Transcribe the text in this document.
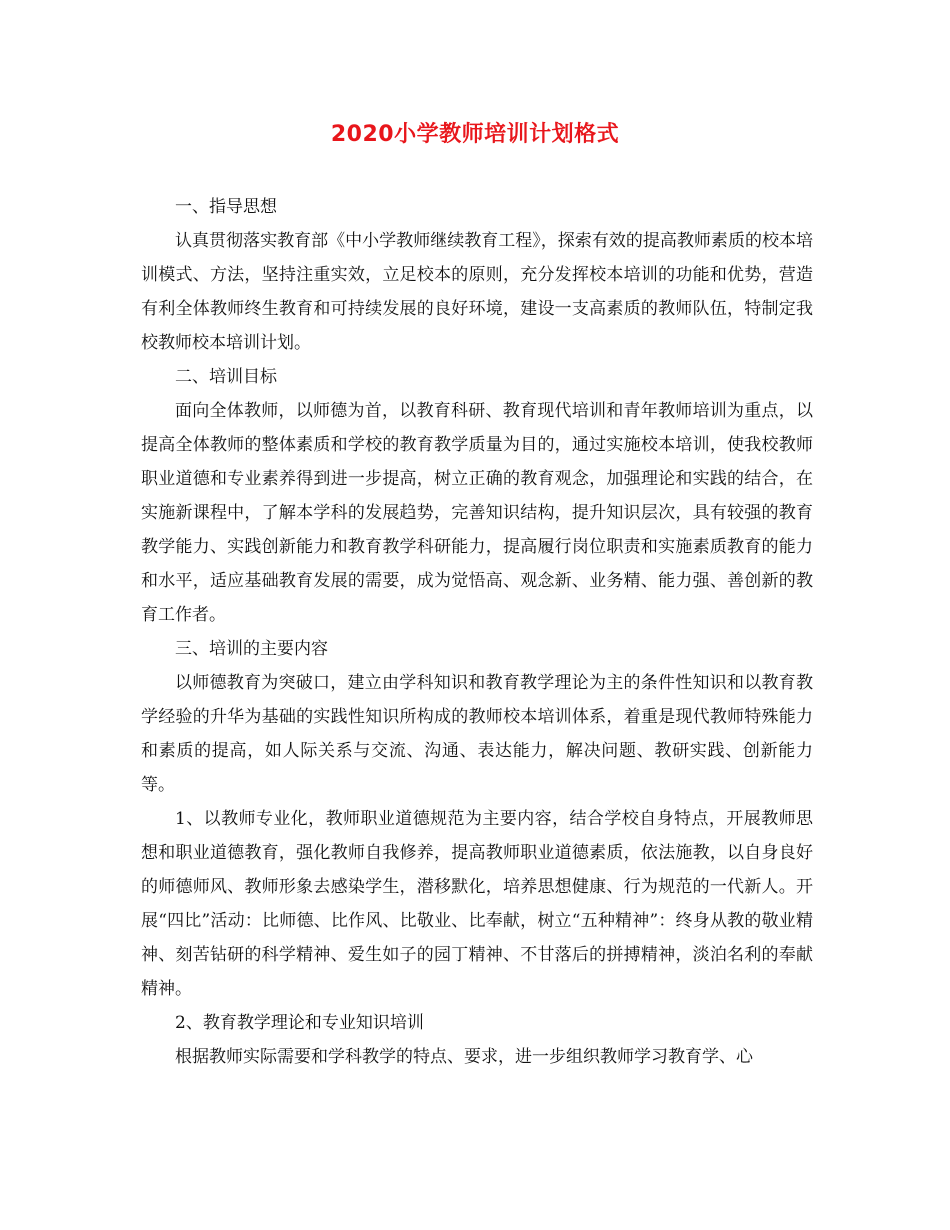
2020小学教师培训计划格式

一、指导思想

认真贯彻落实教育部《中小学教师继续教育工程》，探索有效的提高教师素质的校本培训模式、方法，坚持注重实效，立足校本的原则，充分发挥校本培训的功能和优势，营造有利全体教师终生教育和可持续发展的良好环境，建设一支高素质的教师队伍，特制定我校教师校本培训计划。

二、培训目标

面向全体教师，以师德为首，以教育科研、教育现代培训和青年教师培训为重点，以提高全体教师的整体素质和学校的教育教学质量为目的，通过实施校本培训，使我校教师职业道德和专业素养得到进一步提高，树立正确的教育观念，加强理论和实践的结合，在实施新课程中，了解本学科的发展趋势，完善知识结构，提升知识层次，具有较强的教育教学能力、实践创新能力和教育教学科研能力，提高履行岗位职责和实施素质教育的能力和水平，适应基础教育发展的需要，成为觉悟高、观念新、业务精、能力强、善创新的教育工作者。

三、培训的主要内容

以师德教育为突破口，建立由学科知识和教育教学理论为主的条件性知识和以教育教学经验的升华为基础的实践性知识所构成的教师校本培训体系，着重是现代教师特殊能力和素质的提高，如人际关系与交流、沟通、表达能力，解决问题、教研实践、创新能力等。

1、以教师专业化，教师职业道德规范为主要内容，结合学校自身特点，开展教师思想和职业道德教育，强化教师自我修养，提高教师职业道德素质，依法施教，以自身良好的师德师风、教师形象去感染学生，潜移默化，培养思想健康、行为规范的一代新人。开展“四比”活动：比师德、比作风、比敬业、比奉献，树立“五种精神”：终身从教的敬业精神、刻苦钻研的科学精神、爱生如子的园丁精神、不甘落后的拼搏精神，淡泊名利的奉献精神。

2、教育教学理论和专业知识培训

根据教师实际需要和学科教学的特点、要求，进一步组织教师学习教育学、心
